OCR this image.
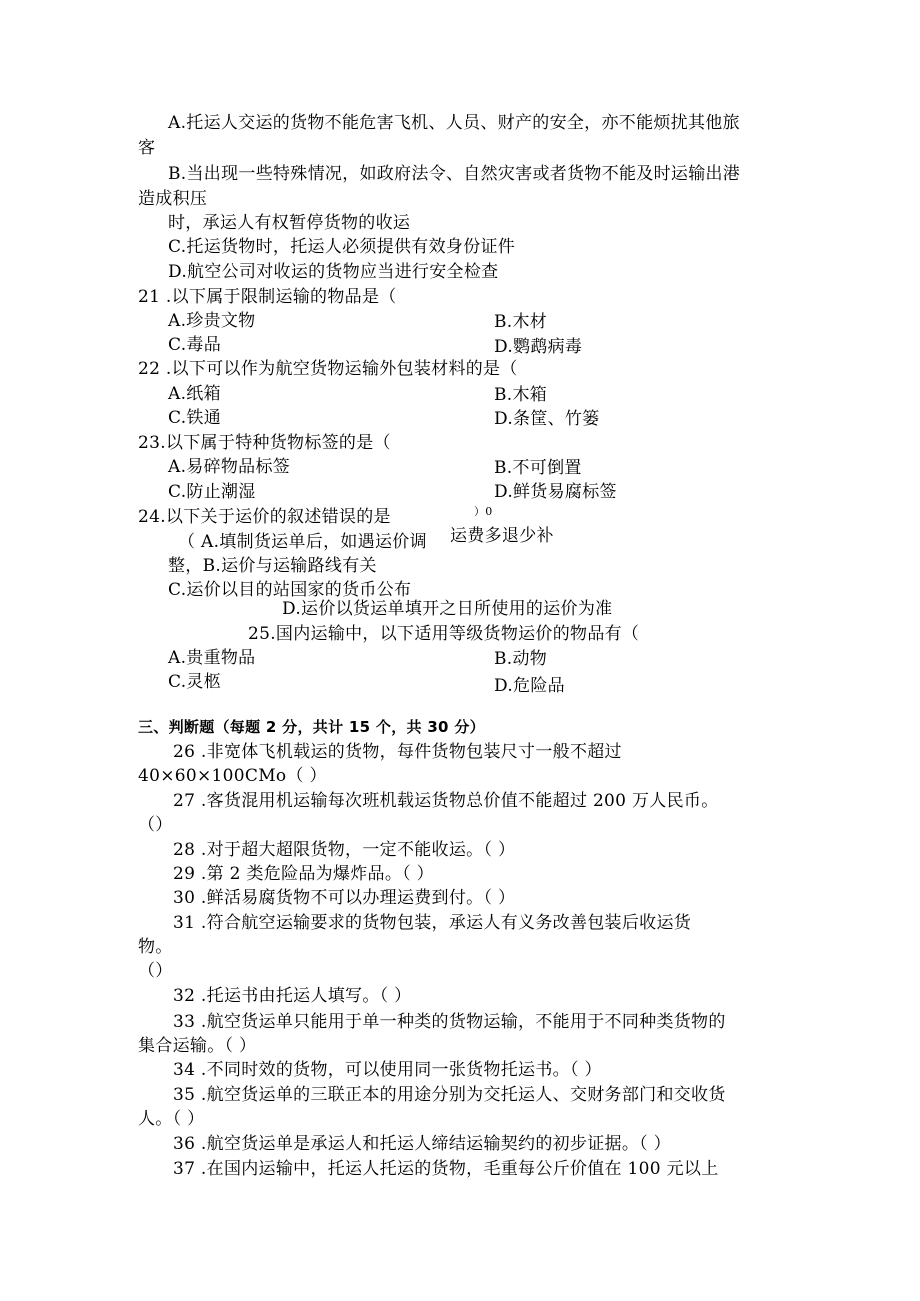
A.托运人交运的货物不能危害飞机、人员、财产的安全，亦不能烦扰其他旅
客
B.当出现一些特殊情况，如政府法令、自然灾害或者货物不能及时运输出港
造成积压
时，承运人有权暂停货物的收运
C.托运货物时，托运人必须提供有效身份证件
D.航空公司对收运的货物应当进行安全检查
21 .以下属于限制运输的物品是（
A.珍贵文物	B.木材
C.毒品	D.鹦鹉病毒
22 .以下可以作为航空货物运输外包装材料的是（
A.纸箱	B.木箱
C.铁通	D.条筐、竹篓
23.以下属于特种货物标签的是（
A.易碎物品标签	B.不可倒置
C.防止潮湿	D.鲜货易腐标签
24.以下关于运价的叙述错误的是	）0
（ A.填制货运单后，如遇运价调 运费多退少补
整，B.运价与运输路线有关
C.运价以目的站国家的货币公布
D.运价以货运单填开之日所使用的运价为准
25.国内运输中，以下适用等级货物运价的物品有（
A.贵重物品	B.动物
C.灵柩	D.危险品
三、判断题（每题 2 分，共计 15 个，共 30 分）
26 .非宽体飞机载运的货物，每件货物包装尺寸一般不超过
40×60×100CMo（ ）
27 .客货混用机运输每次班机载运货物总价值不能超过 200 万人民币。
（）
28 .对于超大超限货物，一定不能收运。（ ）
29 .第 2 类危险品为爆炸品。（ ）
30 .鲜活易腐货物不可以办理运费到付。（ ）
31 .符合航空运输要求的货物包装，承运人有义务改善包装后收运货
物。
（）
32 .托运书由托运人填写。（ ）
33 .航空货运单只能用于单一种类的货物运输，不能用于不同种类货物的
集合运输。（ ）
34 .不同时效的货物，可以使用同一张货物托运书。（ ）
35 .航空货运单的三联正本的用途分别为交托运人、交财务部门和交收货
人。（ ）
36 .航空货运单是承运人和托运人缔结运输契约的初步证据。（ ）
37 .在国内运输中，托运人托运的货物，毛重每公斤价值在 100 元以上
